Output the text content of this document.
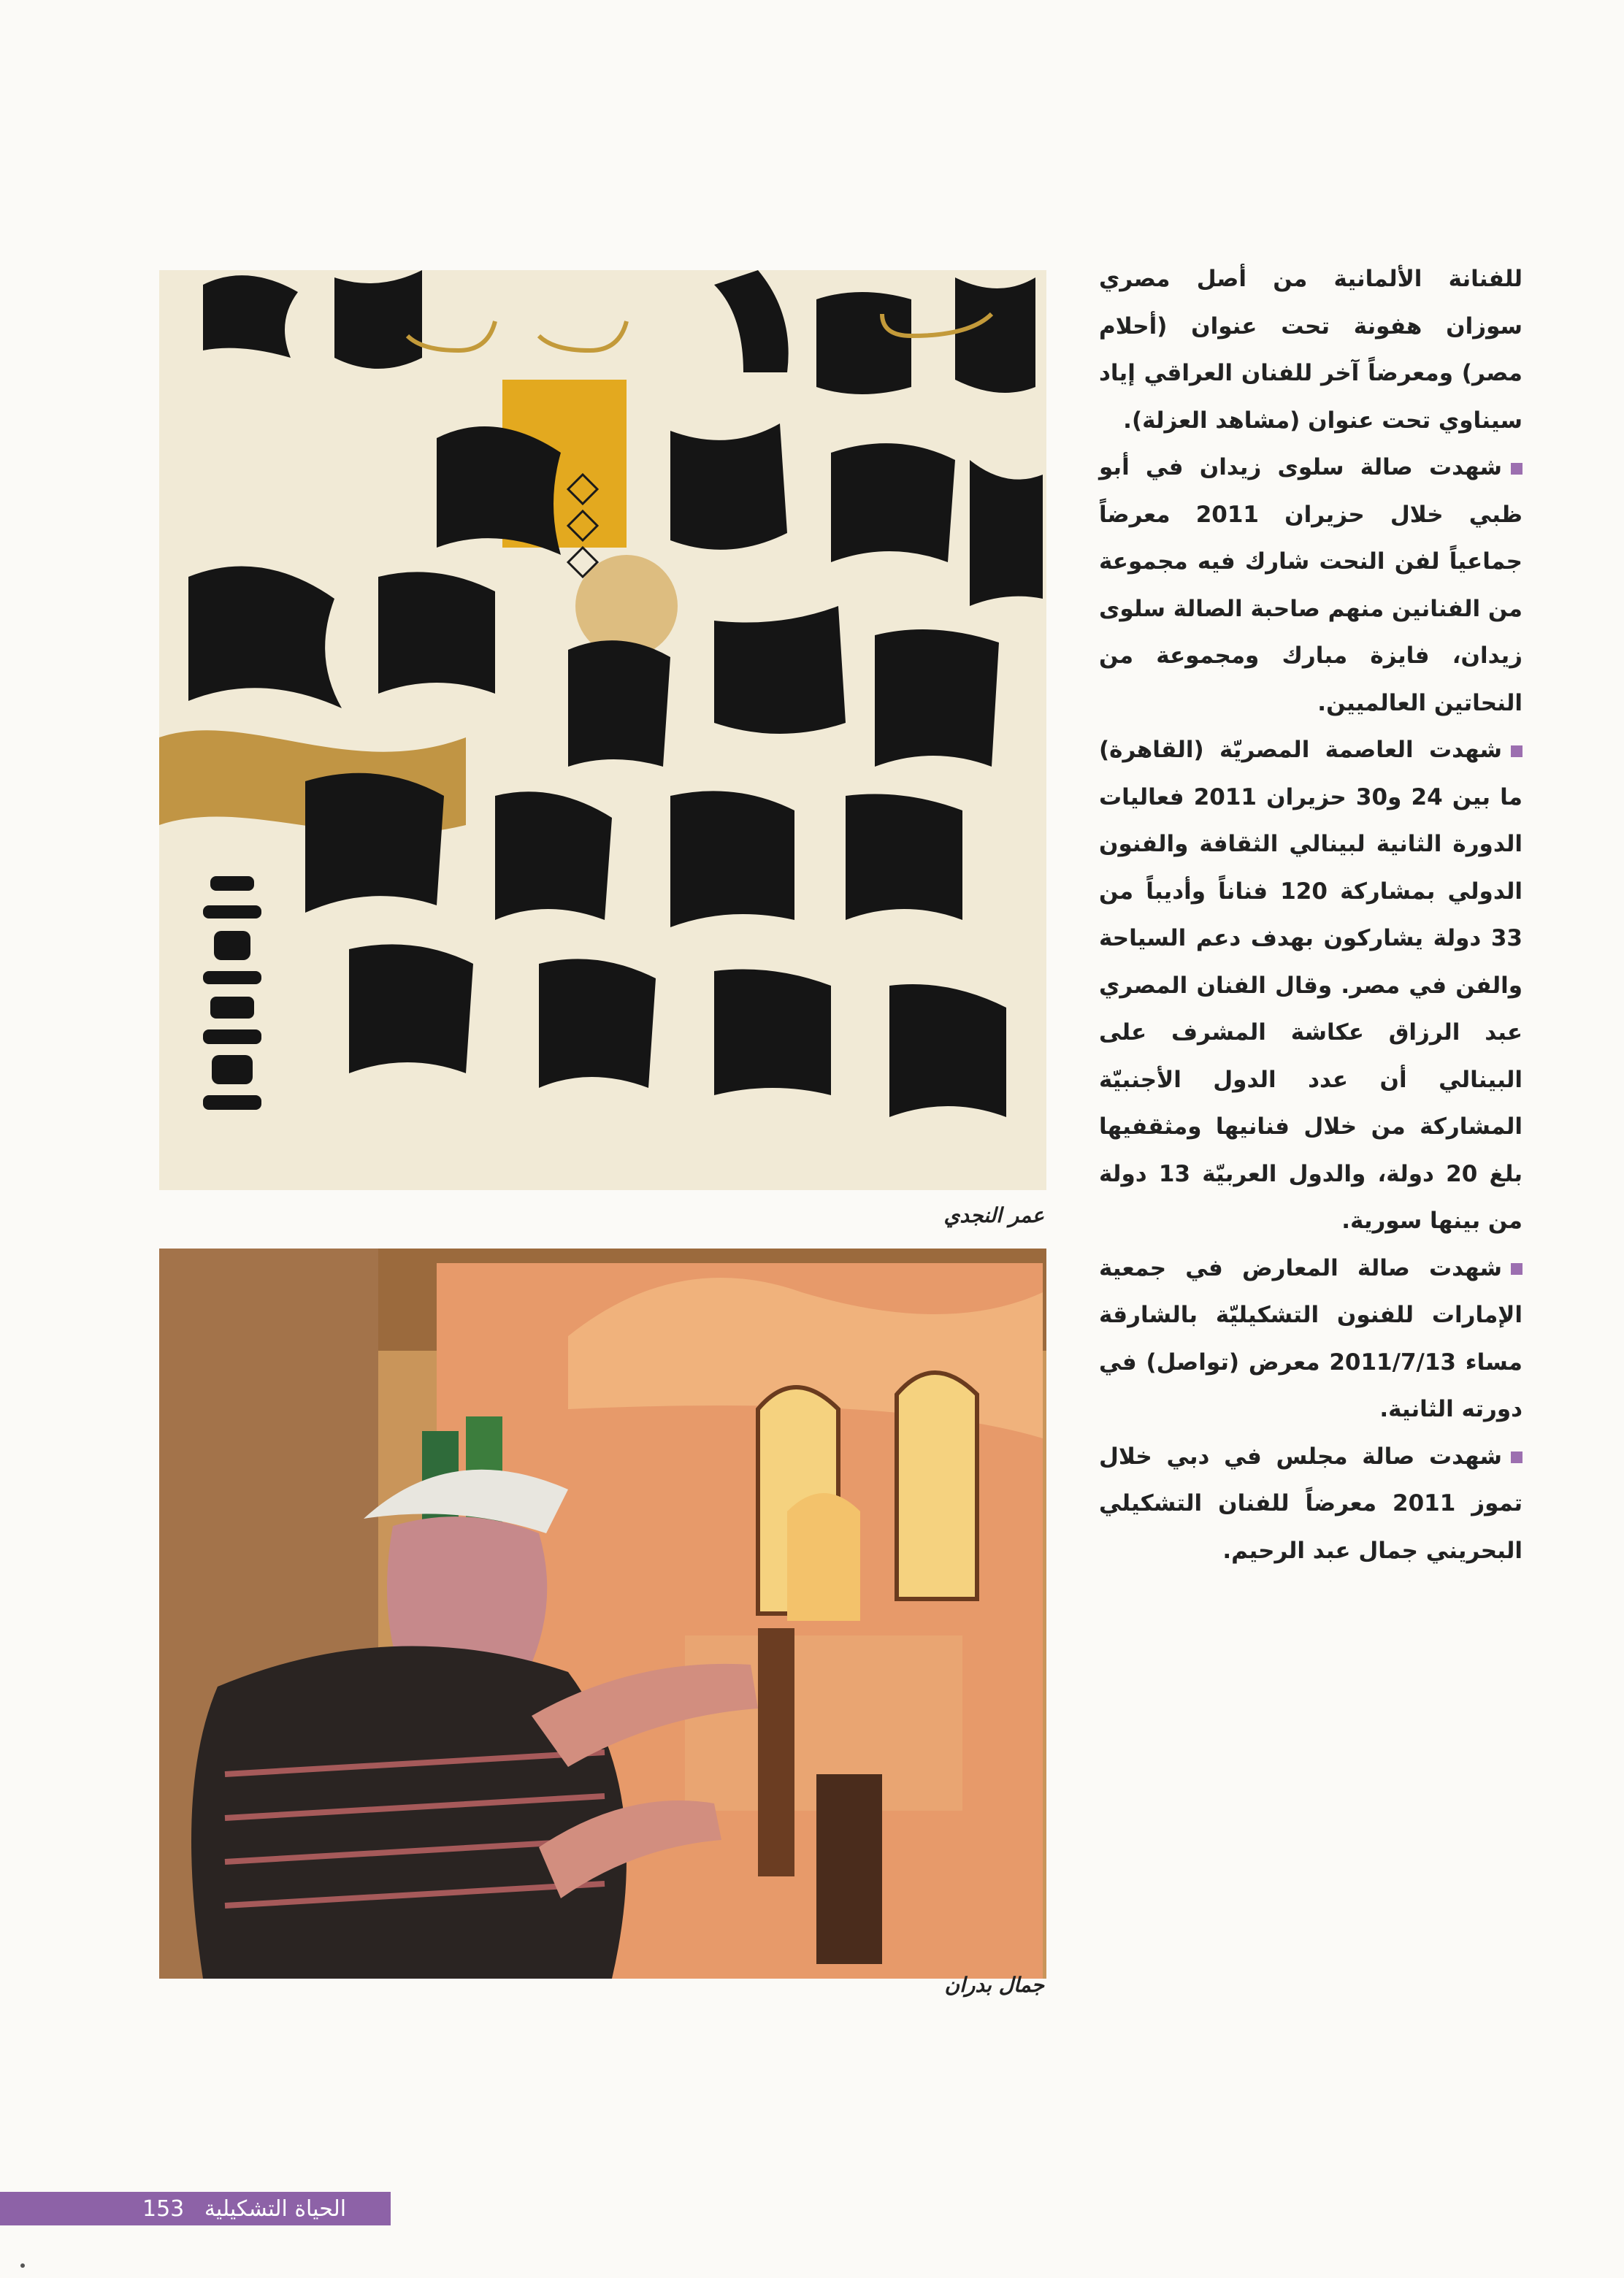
للفنانة الألمانية من أصل مصري سوزان هفونة تحت عنوان (أحلام مصر) ومعرضاً آخر للفنان العراقي إياد سيناوي تحت عنوان (مشاهد العزلة).

شهدت صالة سلوى زيدان في أبو ظبي خلال حزيران 2011 معرضاً جماعياً لفن النحت شارك فيه مجموعة من الفنانين منهم صاحبة الصالة سلوى زيدان، فايزة مبارك ومجموعة من النحاتين العالميين.

شهدت العاصمة المصريّة (القاهرة) ما بين 24 و30 حزيران 2011 فعاليات الدورة الثانية لبينالي الثقافة والفنون الدولي بمشاركة 120 فناناً وأديباً من 33 دولة يشاركون بهدف دعم السياحة والفن في مصر. وقال الفنان المصري عبد الرزاق عكاشة المشرف على البينالي أن عدد الدول الأجنبيّة المشاركة من خلال فنانيها ومثقفيها بلغ 20 دولة، والدول العربيّة 13 دولة من بينها سورية.

شهدت صالة المعارض في جمعية الإمارات للفنون التشكيليّة بالشارقة مساء 2011/7/13 معرض (تواصل) في دورته الثانية.

شهدت صالة مجلس في دبي خلال تموز 2011 معرضاً للفنان التشكيلي البحريني جمال عبد الرحيم.

عمر النجدي
جمال بدران
الحياة التشكيلية 153
